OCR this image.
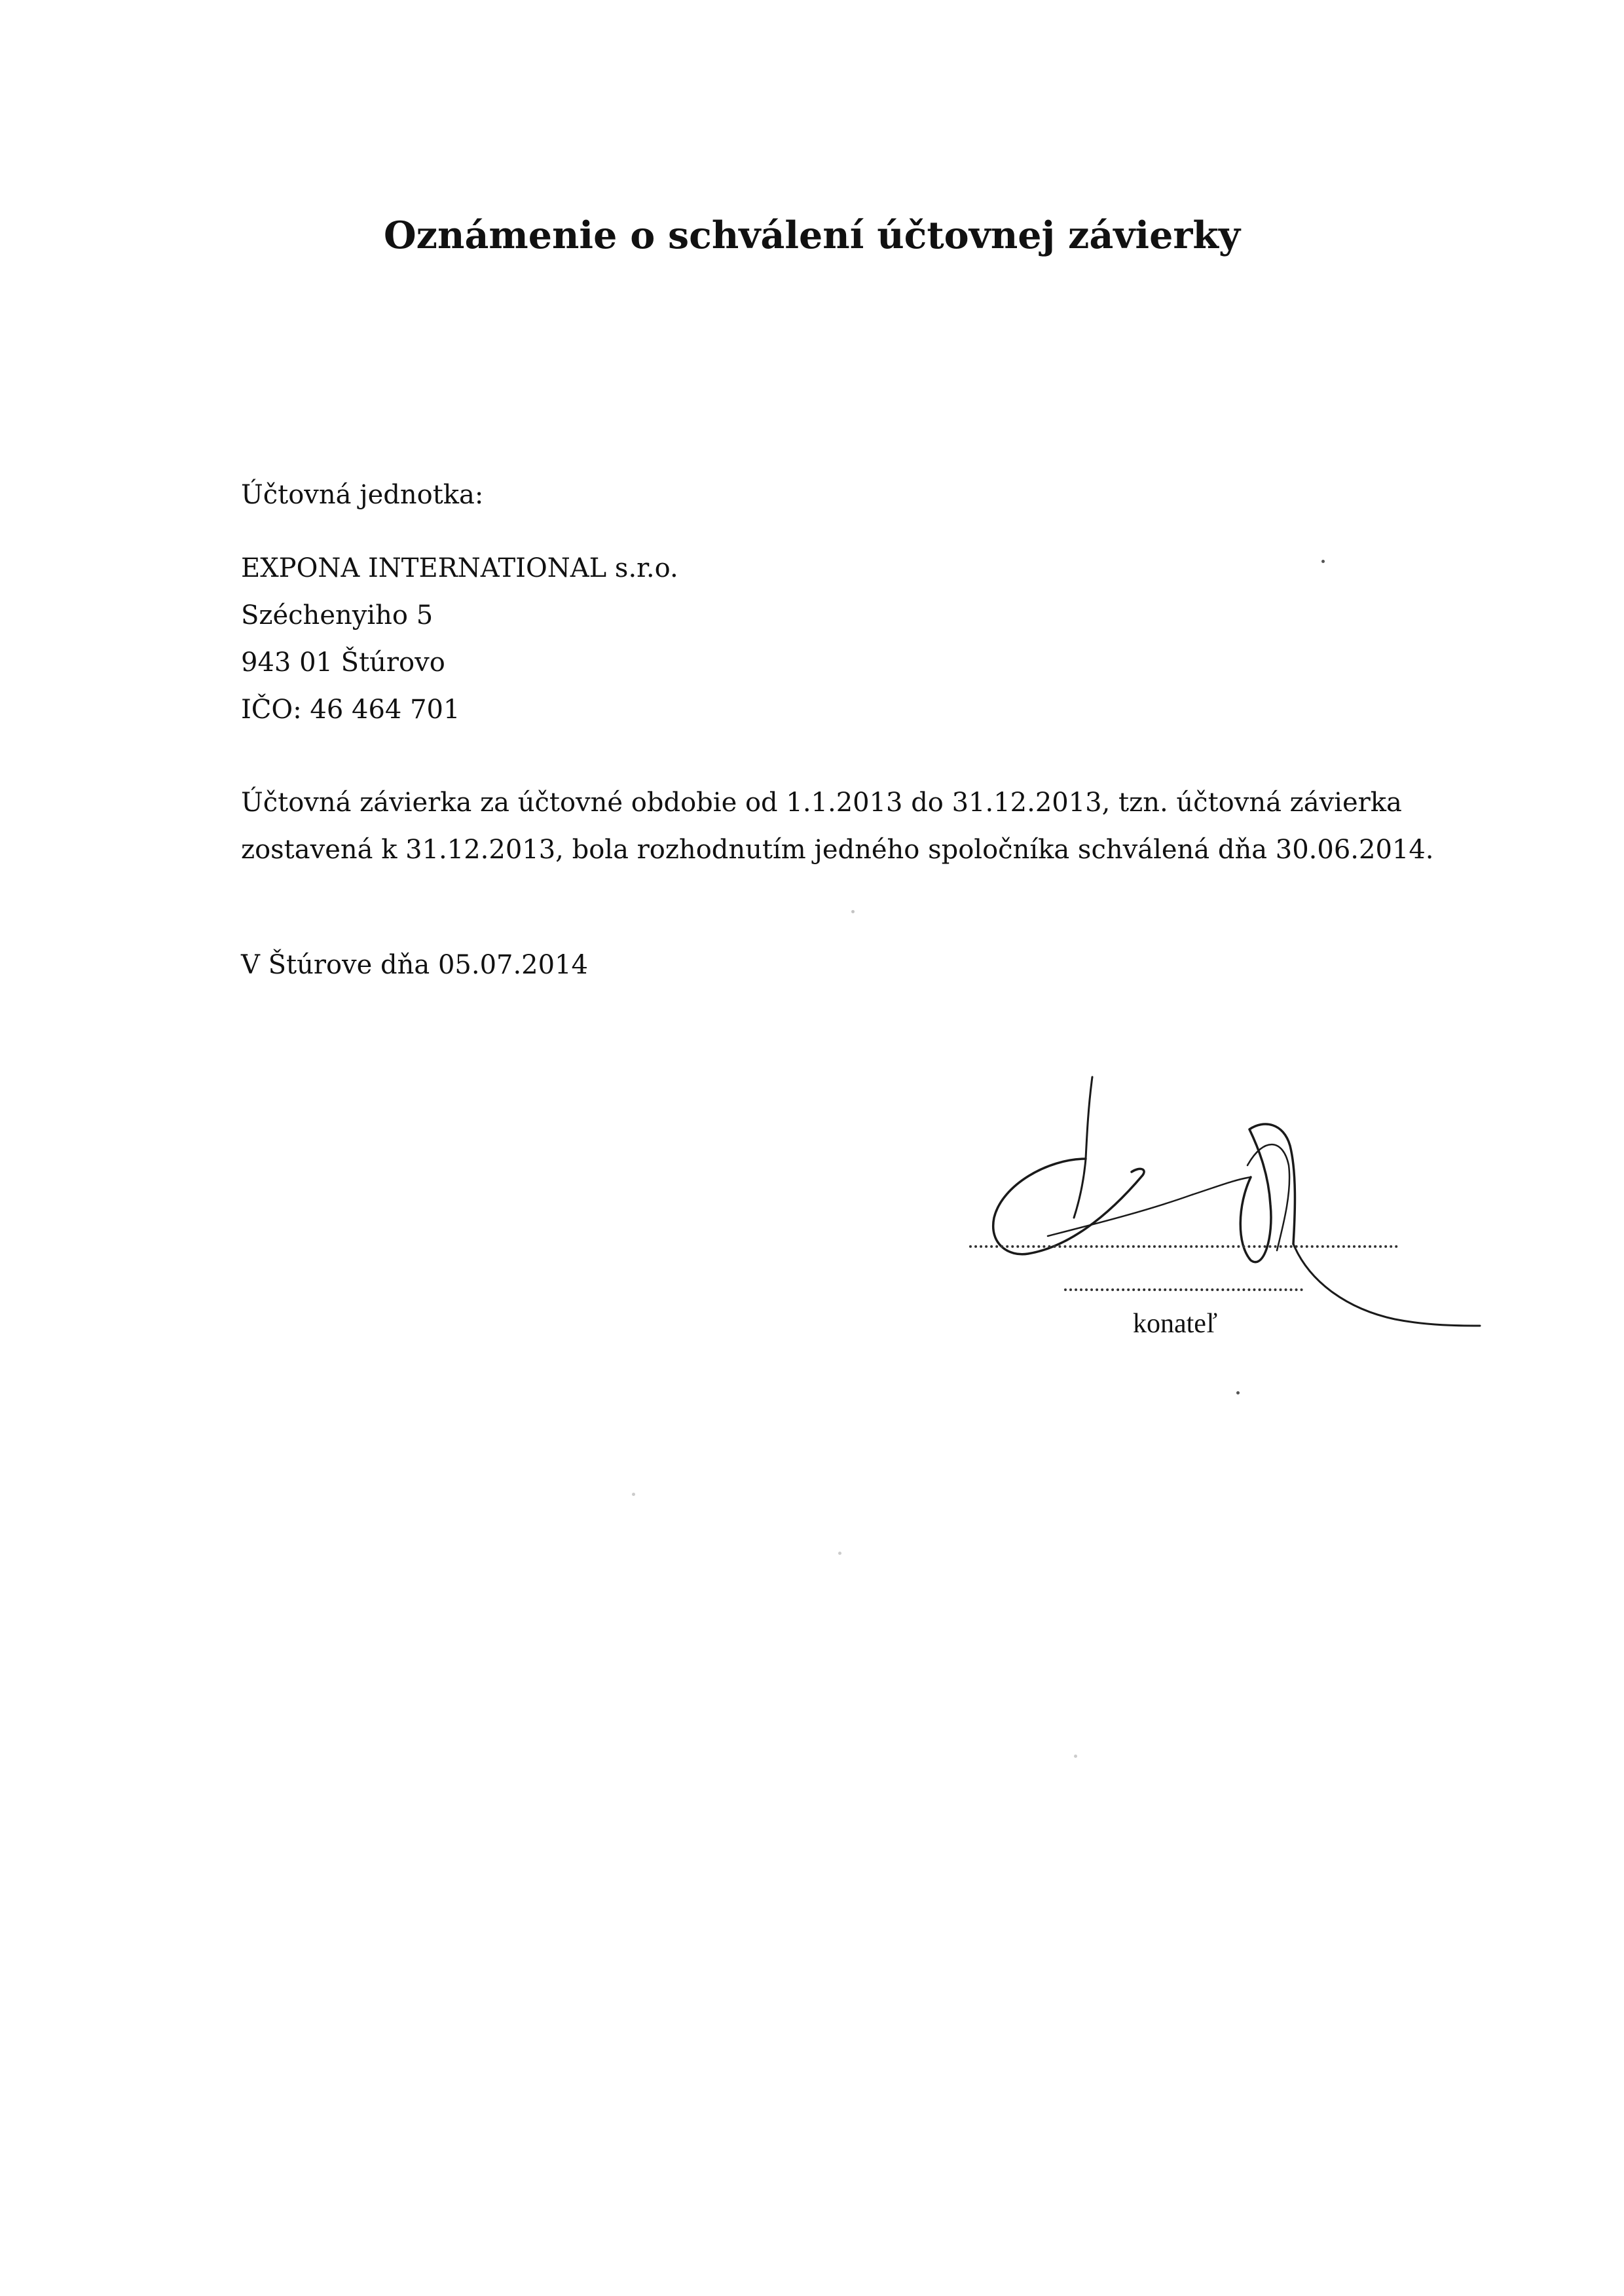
Oznámenie o schválení účtovnej závierky
Účtovná jednotka:
EXPONA INTERNATIONAL s.r.o.
Széchenyiho 5
943 01 Štúrovo
IČO: 46 464 701
Účtovná závierka za účtovné obdobie od 1.1.2013 do 31.12.2013, tzn. účtovná závierka
zostavená k 31.12.2013, bola rozhodnutím jedného spoločníka schválená dňa 30.06.2014.
V Štúrove dňa 05.07.2014
konateľ
